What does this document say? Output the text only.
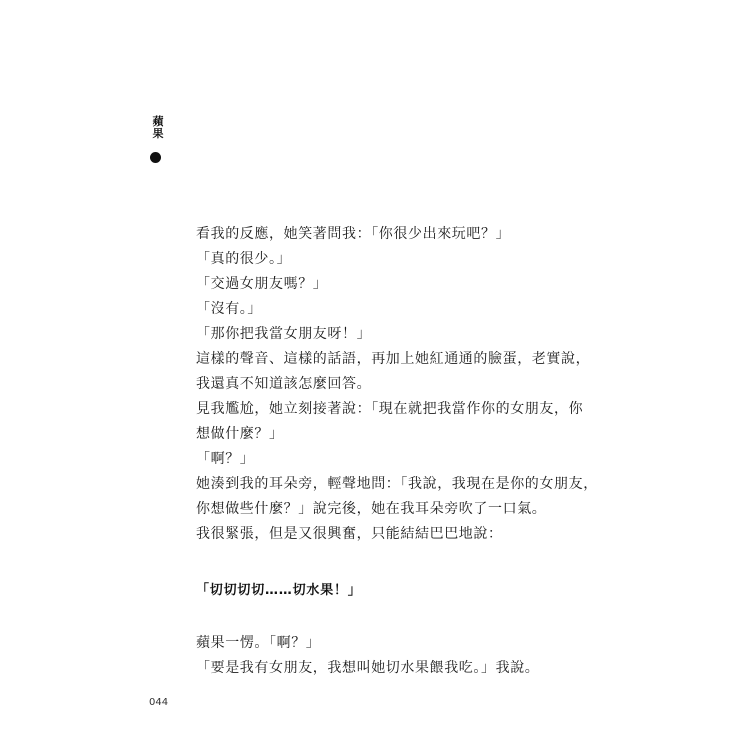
蘋
果
看我的反應，她笑著問我：「你很少出來玩吧？」
「真的很少。」
「交過女朋友嗎？」
「沒有。」
「那你把我當女朋友呀！」
這樣的聲音、這樣的話語，再加上她紅通通的臉蛋，老實說，
我還真不知道該怎麼回答。
見我尷尬，她立刻接著說：「現在就把我當作你的女朋友，你
想做什麼？」
「啊？」
她湊到我的耳朵旁，輕聲地問：「我說，我現在是你的女朋友，
你想做些什麼？」說完後，她在我耳朵旁吹了一口氣。
我很緊張，但是又很興奮，只能結結巴巴地說：
「切切切切……切水果！」
蘋果一愣。「啊？」
「要是我有女朋友，我想叫她切水果餵我吃。」我說。
044
